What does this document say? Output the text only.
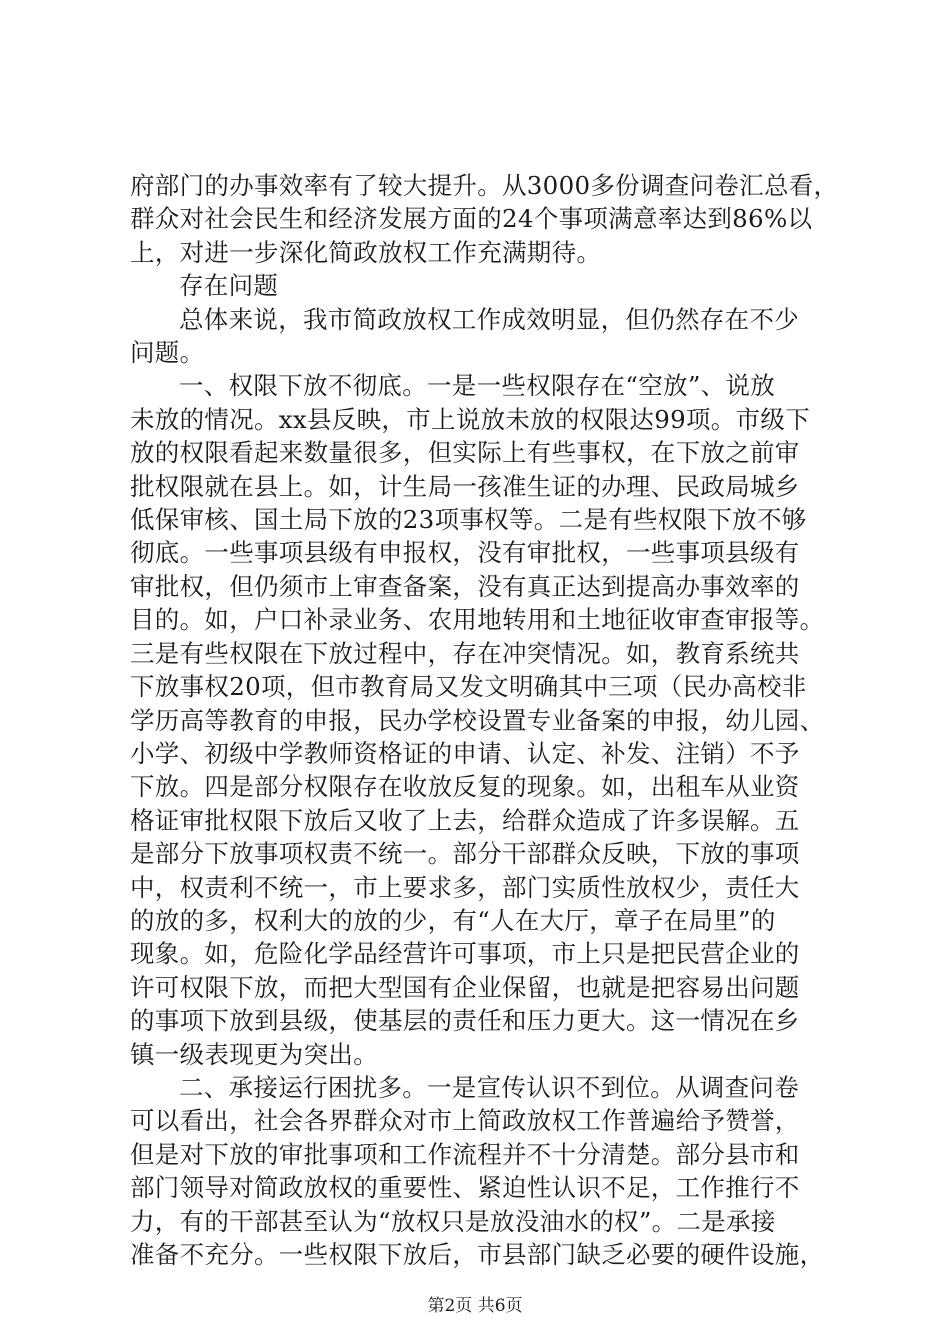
府部门的办事效率有了较大提升。从3000多份调查问卷汇总看，
群众对社会民生和经济发展方面的24个事项满意率达到86%以
上，对进一步深化简政放权工作充满期待。
存在问题
总体来说，我市简政放权工作成效明显，但仍然存在不少
问题。
一、权限下放不彻底。一是一些权限存在“空放”、说放
未放的情况。xx县反映，市上说放未放的权限达99项。市级下
放的权限看起来数量很多，但实际上有些事权，在下放之前审
批权限就在县上。如，计生局一孩准生证的办理、民政局城乡
低保审核、国土局下放的23项事权等。二是有些权限下放不够
彻底。一些事项县级有申报权，没有审批权，一些事项县级有
审批权，但仍须市上审查备案，没有真正达到提高办事效率的
目的。如，户口补录业务、农用地转用和土地征收审查审报等。
三是有些权限在下放过程中，存在冲突情况。如，教育系统共
下放事权20项，但市教育局又发文明确其中三项（民办高校非
学历高等教育的申报，民办学校设置专业备案的申报，幼儿园、
小学、初级中学教师资格证的申请、认定、补发、注销）不予
下放。四是部分权限存在收放反复的现象。如，出租车从业资
格证审批权限下放后又收了上去，给群众造成了许多误解。五
是部分下放事项权责不统一。部分干部群众反映，下放的事项
中，权责利不统一，市上要求多，部门实质性放权少，责任大
的放的多，权利大的放的少，有“人在大厅，章子在局里”的
现象。如，危险化学品经营许可事项，市上只是把民营企业的
许可权限下放，而把大型国有企业保留，也就是把容易出问题
的事项下放到县级，使基层的责任和压力更大。这一情况在乡
镇一级表现更为突出。
二、承接运行困扰多。一是宣传认识不到位。从调查问卷
可以看出，社会各界群众对市上简政放权工作普遍给予赞誉，
但是对下放的审批事项和工作流程并不十分清楚。部分县市和
部门领导对简政放权的重要性、紧迫性认识不足，工作推行不
力，有的干部甚至认为“放权只是放没油水的权”。二是承接
准备不充分。一些权限下放后，市县部门缺乏必要的硬件设施，
第2页 共6页
